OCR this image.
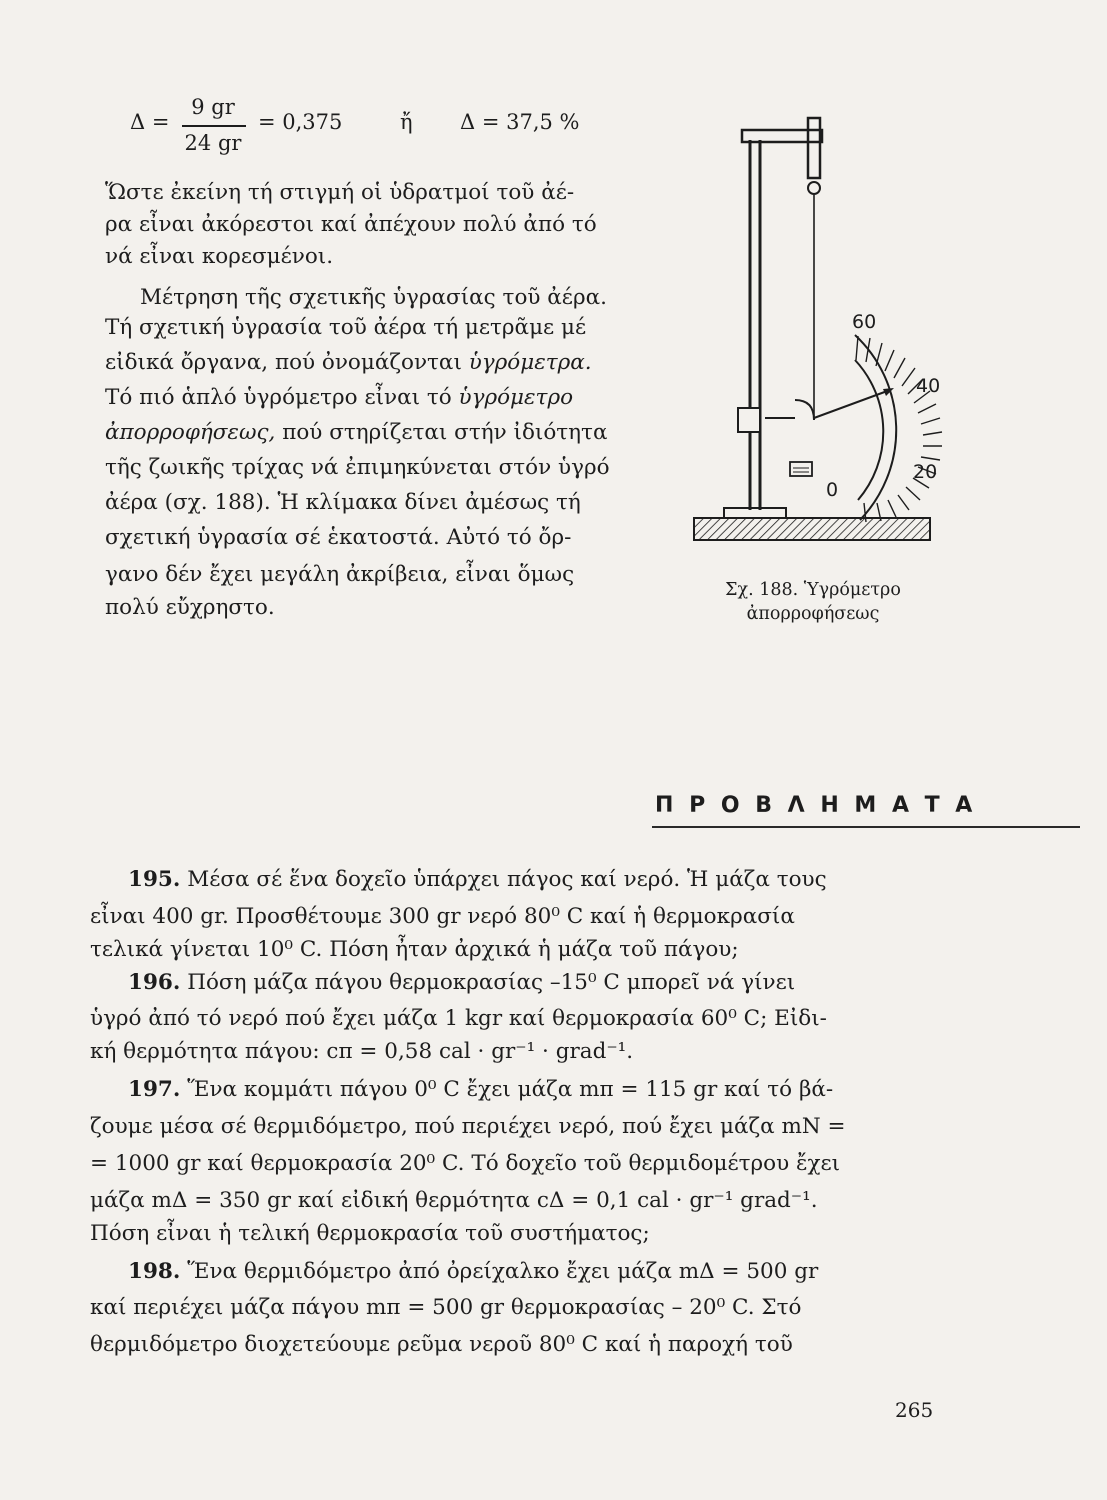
Δ =
9 gr
24 gr
= 0,375	ἤ Δ = 37,5 %
Ὥστε ἐκείνη τή στιγμή οἱ ὑδρατμοί τοῦ ἀέ-
ρα εἶναι ἀκόρεστοι καί ἀπέχουν πολύ ἀπό τό
νά εἶναι κορεσμένοι.
Μέτρηση τῆς σχετικῆς ὑγρασίας τοῦ ἀέρα.
Τή σχετική ὑγρασία τοῦ ἀέρα τή μετρᾶμε μέ
εἰδικά ὄργανα, πού ὀνομάζονται ὑγρόμετρα.
Τό πιό ἁπλό ὑγρόμετρο εἶναι τό ὑγρόμετρο
ἀπορροφήσεως, πού στηρίζεται στήν ἰδιότητα
τῆς ζωικῆς τρίχας νά ἐπιμηκύνεται στόν ὑγρό
ἀέρα (σχ. 188). Ἡ κλίμακα δίνει ἀμέσως τή
σχετική ὑγρασία σέ ἑκατοστά. Αὐτό τό ὄρ-
γανο δέν ἔχει μεγάλη ἀκρίβεια, εἶναι ὅμως
πολύ εὔχρηστο.
60
40
20
0
Σχ. 188. Ὑγρόμετρο
ἀπορροφήσεως
Π Ρ Ο Β Λ Η Μ Α Τ Α
195. Μέσα σέ ἕνα δοχεῖο ὑπάρχει πάγος καί νερό. Ἡ μάζα τους
εἶναι 400 gr. Προσθέτουμε 300 gr νερό 80⁰ C καί ἡ θερμοκρασία
τελικά γίνεται 10⁰ C. Πόση ἦταν ἀρχικά ἡ μάζα τοῦ πάγου;
196. Πόση μάζα πάγου θερμοκρασίας –15⁰ C μπορεῖ νά γίνει
ὑγρό ἀπό τό νερό πού ἔχει μάζα 1 kgr καί θερμοκρασία 60⁰ C; Εἰδι-
κή θερμότητα πάγου: cπ = 0,58 cal · gr⁻¹ · grad⁻¹.
197. Ἕνα κομμάτι πάγου 0⁰ C ἔχει μάζα mπ = 115 gr καί τό βά-
ζουμε μέσα σέ θερμιδόμετρο, πού περιέχει νερό, πού ἔχει μάζα mN =
= 1000 gr καί θερμοκρασία 20⁰ C. Τό δοχεῖο τοῦ θερμιδομέτρου ἔχει
μάζα mΔ = 350 gr καί εἰδική θερμότητα cΔ = 0,1 cal · gr⁻¹ grad⁻¹.
Πόση εἶναι ἡ τελική θερμοκρασία τοῦ συστήματος;
198. Ἕνα θερμιδόμετρο ἀπό ὀρείχαλκο ἔχει μάζα mΔ = 500 gr
καί περιέχει μάζα πάγου mπ = 500 gr θερμοκρασίας – 20⁰ C. Στό
θερμιδόμετρο διοχετεύουμε ρεῦμα νεροῦ 80⁰ C καί ἡ παροχή τοῦ
265
